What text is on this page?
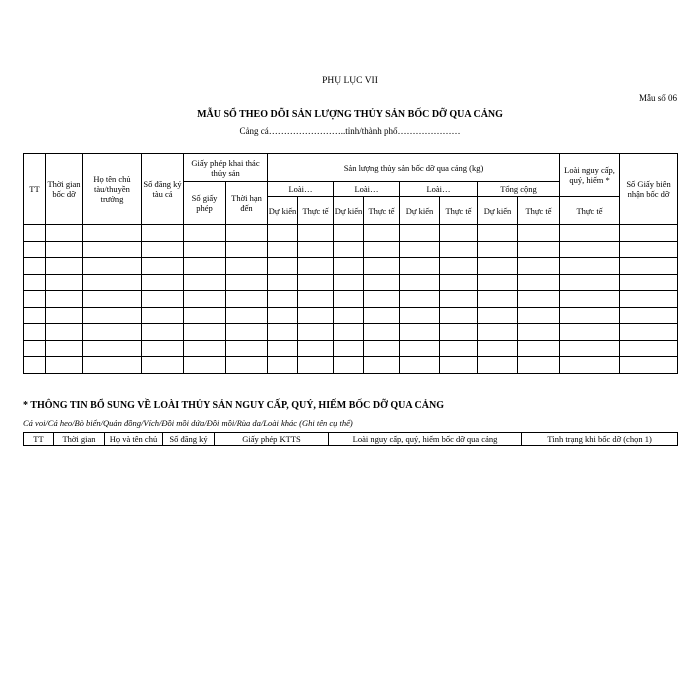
PHỤ LỤC VII
Mẫu số 06
MẪU SỔ THEO DÕI SẢN LƯỢNG THỦY SẢN BỐC DỠ QUA CẢNG
Cảng cá……………………..tỉnh/thành phố…………………
TT	Thời gian bốc dỡ	Họ tên chủ tàu/thuyền trưởng	Số đăng ký tàu cá	Giấy phép khai thác thủy sản		Sản lượng thủy sản bốc dỡ qua cảng (kg)								Loài nguy cấp, quý, hiếm *	Số Giấy biên nhận bốc dỡ
				Số giấy phép	Thời hạn đến	Loài…		Loài…		Loài…		Tổng cộng			
						Dự kiến	Thực tế	Dự kiến	Thực tế	Dự kiến	Thực tế	Dự kiến	Thực tế	Thực tế	

* THÔNG TIN BỔ SUNG VỀ LOÀI THỦY SẢN NGUY CẤP, QUÝ, HIẾM BỐC DỠ QUA CẢNG
Cá voi/Cá heo/Bò biển/Quản đồng/Vích/Đồi mồi dứa/Đồi mồi/Rùa da/Loài khác (Ghi tên cụ thể)
TT	Thời gian	Họ và tên chủ	Số đăng ký	Giấy phép KTTS	Loài nguy cấp, quý, hiếm bốc dỡ qua cảng	Tình trạng khi bốc dỡ (chọn 1)
